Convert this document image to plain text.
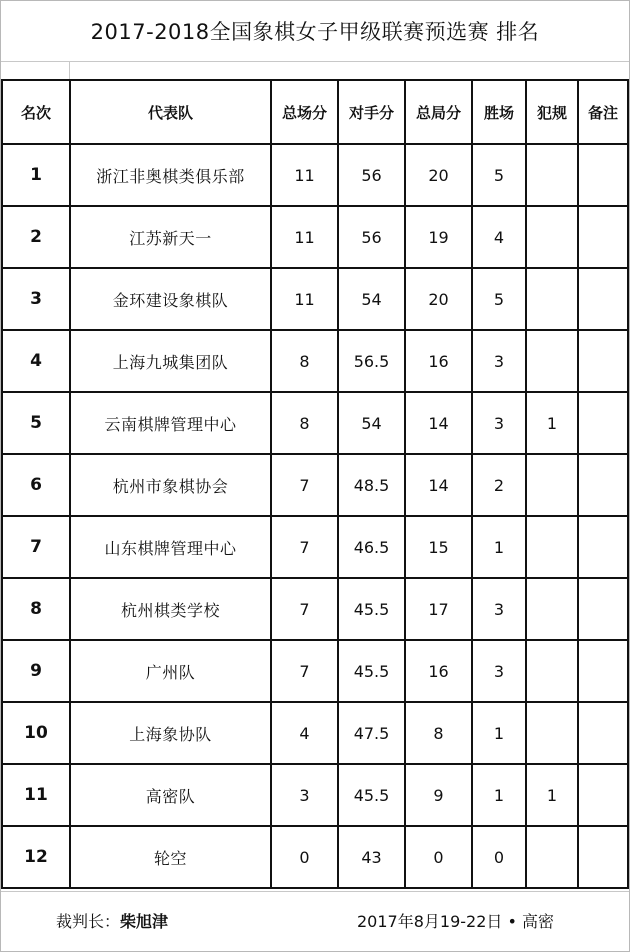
2017-2018全国象棋女子甲级联赛预选赛 排名
名次	代表队	总场分	对手分	总局分	胜场	犯规	备注
1	浙江非奥棋类俱乐部	11	56	20	5		
2	江苏新天一	11	56	19	4		
3	金环建设象棋队	11	54	20	5		
4	上海九城集团队	8	56.5	16	3		
5	云南棋牌管理中心	8	54	14	3	1	
6	杭州市象棋协会	7	48.5	14	2		
7	山东棋牌管理中心	7	46.5	15	1		
8	杭州棋类学校	7	45.5	17	3		
9	广州队	7	45.5	16	3		
10	上海象协队	4	47.5	8	1		
11	高密队	3	45.5	9	1	1	
12	轮空	0	43	0	0		
裁判长：柴旭津	2017年8月19-22日 • 高密
